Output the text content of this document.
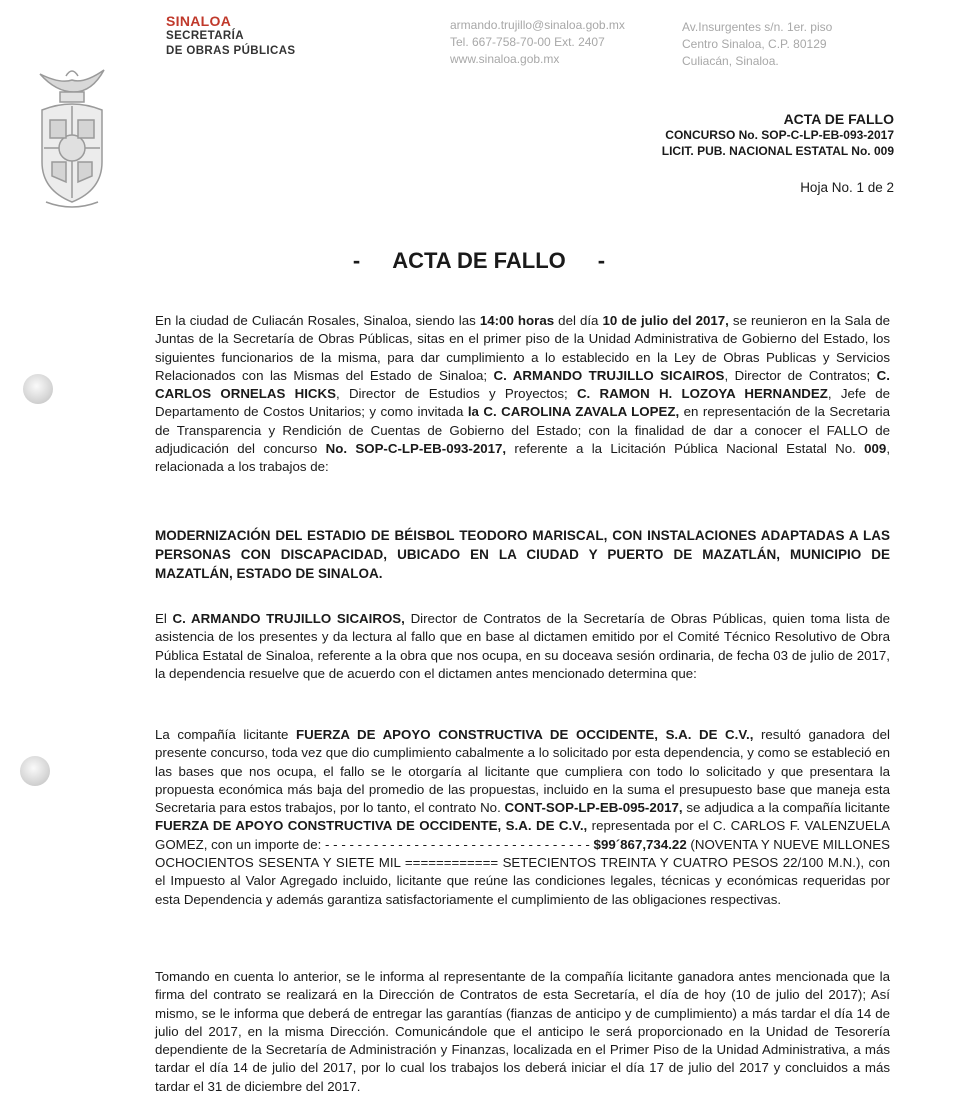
SINALOA
SECRETARÍA
DE OBRAS PÚBLICAS
armando.trujillo@sinaloa.gob.mx
Tel. 667-758-70-00 Ext. 2407
www.sinaloa.gob.mx
Av.Insurgentes s/n. 1er. piso
Centro Sinaloa, C.P. 80129
Culiacán, Sinaloa.
ACTA DE FALLO
CONCURSO No. SOP-C-LP-EB-093-2017
LICIT. PUB. NACIONAL ESTATAL No. 009
Hoja No. 1 de 2
- ACTA DE FALLO -
En la ciudad de Culiacán Rosales, Sinaloa, siendo las 14:00 horas del día 10 de julio del 2017, se reunieron en la Sala de Juntas de la Secretaría de Obras Públicas, sitas en el primer piso de la Unidad Administrativa de Gobierno del Estado, los siguientes funcionarios de la misma, para dar cumplimiento a lo establecido en la Ley de Obras Publicas y Servicios Relacionados con las Mismas del Estado de Sinaloa; C. ARMANDO TRUJILLO SICAIROS, Director de Contratos; C. CARLOS ORNELAS HICKS, Director de Estudios y Proyectos; C. RAMON H. LOZOYA HERNANDEZ, Jefe de Departamento de Costos Unitarios; y como invitada la C. CAROLINA ZAVALA LOPEZ, en representación de la Secretaria de Transparencia y Rendición de Cuentas de Gobierno del Estado; con la finalidad de dar a conocer el FALLO de adjudicación del concurso No. SOP-C-LP-EB-093-2017, referente a la Licitación Pública Nacional Estatal No. 009, relacionada a los trabajos de:
MODERNIZACIÓN DEL ESTADIO DE BÉISBOL TEODORO MARISCAL, CON INSTALACIONES ADAPTADAS A LAS PERSONAS CON DISCAPACIDAD, UBICADO EN LA CIUDAD Y PUERTO DE MAZATLÁN, MUNICIPIO DE MAZATLÁN, ESTADO DE SINALOA.
El C. ARMANDO TRUJILLO SICAIROS, Director de Contratos de la Secretaría de Obras Públicas, quien toma lista de asistencia de los presentes y da lectura al fallo que en base al dictamen emitido por el Comité Técnico Resolutivo de Obra Pública Estatal de Sinaloa, referente a la obra que nos ocupa, en su doceava sesión ordinaria, de fecha 03 de julio de 2017, la dependencia resuelve que de acuerdo con el dictamen antes mencionado determina que:
La compañía licitante FUERZA DE APOYO CONSTRUCTIVA DE OCCIDENTE, S.A. DE C.V., resultó ganadora del presente concurso, toda vez que dio cumplimiento cabalmente a lo solicitado por esta dependencia, y como se estableció en las bases que nos ocupa, el fallo se le otorgaría al licitante que cumpliera con todo lo solicitado y que presentara la propuesta económica más baja del promedio de las propuestas, incluido en la suma el presupuesto base que maneja esta Secretaria para estos trabajos, por lo tanto, el contrato No. CONT-SOP-LP-EB-095-2017, se adjudica a la compañía licitante FUERZA DE APOYO CONSTRUCTIVA DE OCCIDENTE, S.A. DE C.V., representada por el C. CARLOS F. VALENZUELA GOMEZ, con un importe de: - - - - - - - - - - - - - - - - - - - - - - - - - - - - - - - - - $99´867,734.22 (NOVENTA Y NUEVE MILLONES OCHOCIENTOS SESENTA Y SIETE MIL ============ SETECIENTOS TREINTA Y CUATRO PESOS 22/100 M.N.), con el Impuesto al Valor Agregado incluido, licitante que reúne las condiciones legales, técnicas y económicas requeridas por esta Dependencia y además garantiza satisfactoriamente el cumplimiento de las obligaciones respectivas.
Tomando en cuenta lo anterior, se le informa al representante de la compañía licitante ganadora antes mencionada que la firma del contrato se realizará en la Dirección de Contratos de esta Secretaría, el día de hoy (10 de julio del 2017); Así mismo, se le informa que deberá de entregar las garantías (fianzas de anticipo y de cumplimiento) a más tardar el día 14 de julio del 2017, en la misma Dirección. Comunicándole que el anticipo le será proporcionado en la Unidad de Tesorería dependiente de la Secretaría de Administración y Finanzas, localizada en el Primer Piso de la Unidad Administrativa, a más tardar el día 14 de julio del 2017, por lo cual los trabajos los deberá iniciar el día 17 de julio del 2017 y concluidos a más tardar el 31 de diciembre del 2017.
